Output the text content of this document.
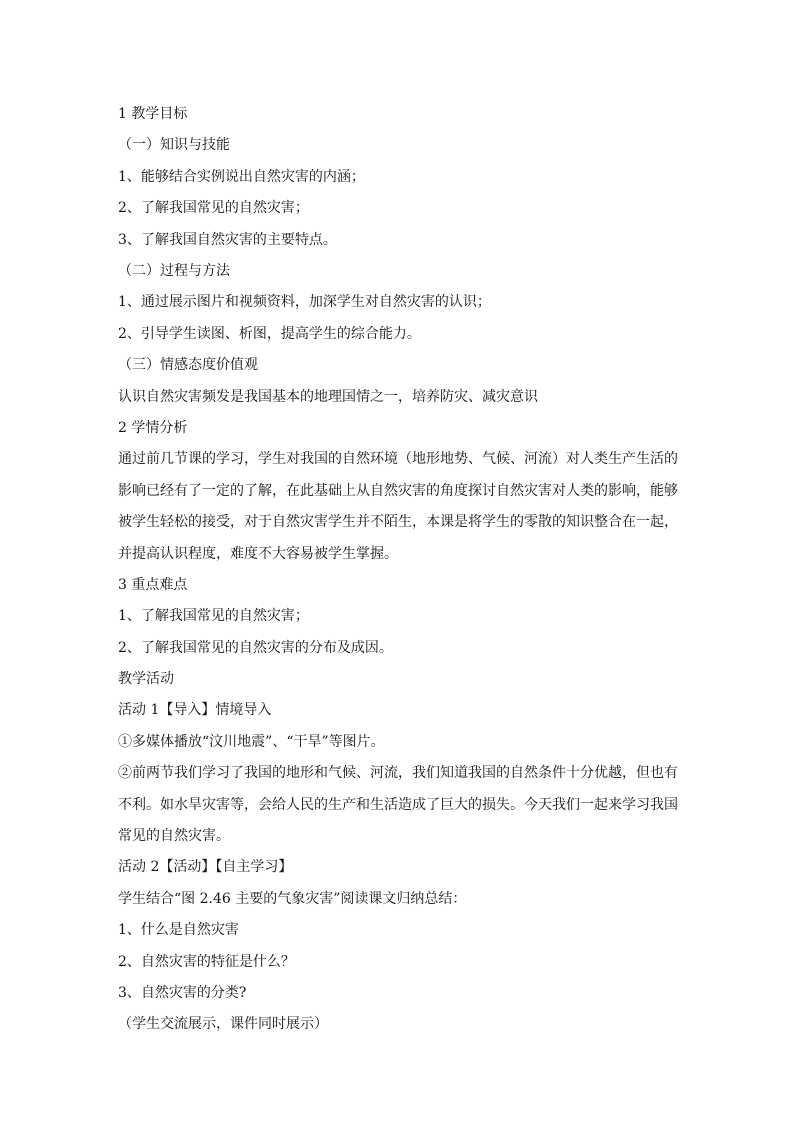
1 教学目标
（一）知识与技能
1、能够结合实例说出自然灾害的内涵；
2、了解我国常见的自然灾害；
3、了解我国自然灾害的主要特点。
（二）过程与方法
1、通过展示图片和视频资料，加深学生对自然灾害的认识；
2、引导学生读图、析图，提高学生的综合能力。
（三）情感态度价值观
认识自然灾害频发是我国基本的地理国情之一，培养防灾、减灾意识
2 学情分析
通过前几节课的学习，学生对我国的自然环境（地形地势、气候、河流）对人类生产生活的影响已经有了一定的了解，在此基础上从自然灾害的角度探讨自然灾害对人类的影响，能够被学生轻松的接受，对于自然灾害学生并不陌生，本课是将学生的零散的知识整合在一起，并提高认识程度，难度不大容易被学生掌握。
3 重点难点
1、了解我国常见的自然灾害；
2、了解我国常见的自然灾害的分布及成因。
教学活动
活动 1【导入】情境导入
①多媒体播放“汶川地震”、“干旱”等图片。
②前两节我们学习了我国的地形和气候、河流，我们知道我国的自然条件十分优越，但也有不利。如水旱灾害等，会给人民的生产和生活造成了巨大的损失。今天我们一起来学习我国常见的自然灾害。
活动 2【活动】【自主学习】
学生结合“图 2.46 主要的气象灾害”阅读课文归纳总结：
1、什么是自然灾害
2、自然灾害的特征是什么？
3、自然灾害的分类?
（学生交流展示，课件同时展示）
